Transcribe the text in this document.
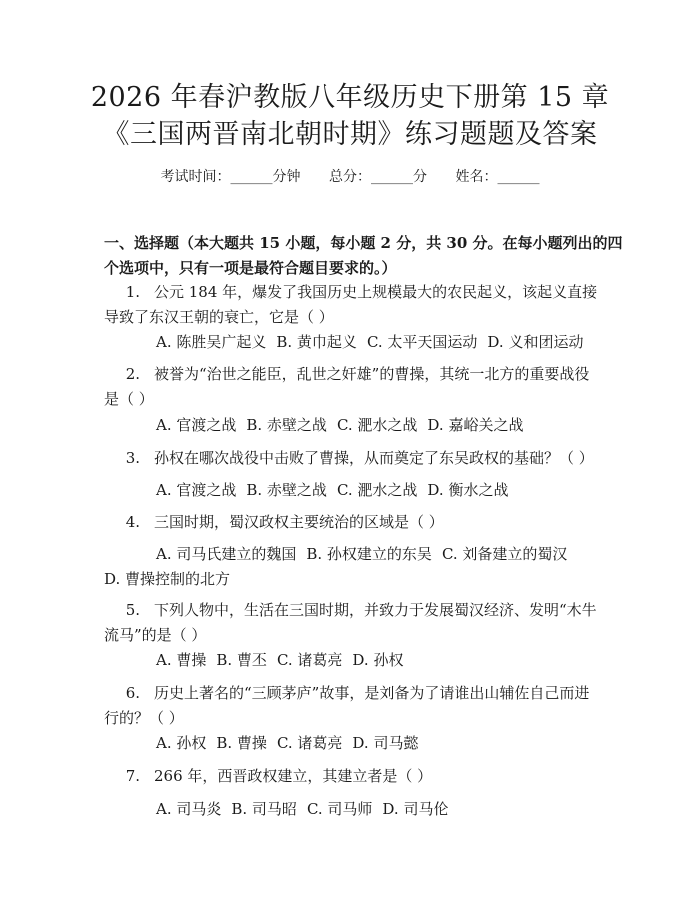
2026 年春沪教版八年级历史下册第 15 章
《三国两晋南北朝时期》练习题题及答案
考试时间：______分钟 总分：______分 姓名：______
一、选择题（本大题共 15 小题，每小题 2 分，共 30 分。在每小题列出的四个选项中，只有一项是最符合题目要求的。）
1. 公元 184 年，爆发了我国历史上规模最大的农民起义，该起义直接导致了东汉王朝的衰亡，它是（ ）
A. 陈胜吴广起义 B. 黄巾起义 C. 太平天国运动 D. 义和团运动
2. 被誉为“治世之能臣，乱世之奸雄”的曹操，其统一北方的重要战役是（ ）
A. 官渡之战 B. 赤壁之战 C. 淝水之战 D. 嘉峪关之战
3. 孙权在哪次战役中击败了曹操，从而奠定了东吴政权的基础？（ ）
A. 官渡之战 B. 赤壁之战 C. 淝水之战 D. 衡水之战
4. 三国时期，蜀汉政权主要统治的区域是（ ）
A. 司马氏建立的魏国 B. 孙权建立的东吴 C. 刘备建立的蜀汉D. 曹操控制的北方
5. 下列人物中，生活在三国时期，并致力于发展蜀汉经济、发明“木牛流马”的是（ ）
A. 曹操 B. 曹丕 C. 诸葛亮 D. 孙权
6. 历史上著名的“三顾茅庐”故事，是刘备为了请谁出山辅佐自己而进行的？（ ）
A. 孙权 B. 曹操 C. 诸葛亮 D. 司马懿
7. 266 年，西晋政权建立，其建立者是（ ）
A. 司马炎 B. 司马昭 C. 司马师 D. 司马伦
